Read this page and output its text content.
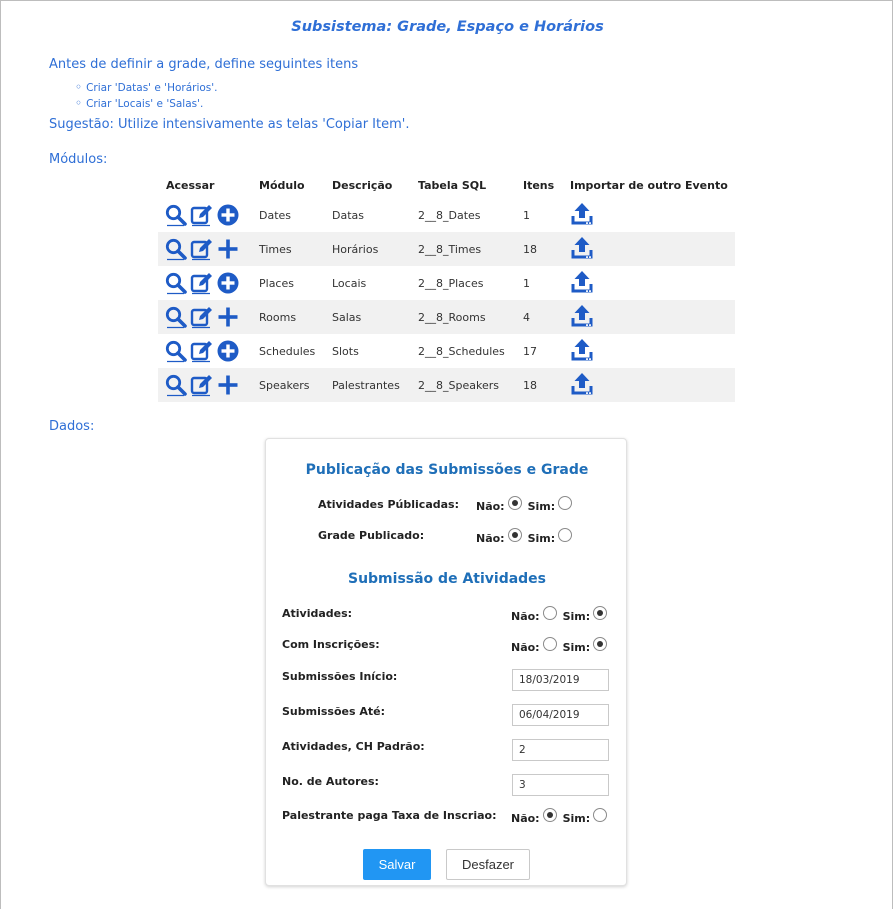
Subsistema: Grade, Espaço e Horários
Antes de definir a grade, define seguintes itens
◦ Criar 'Datas' e 'Horários'.
◦ Criar 'Locais' e 'Salas'.
Sugestão: Utilize intensivamente as telas 'Copiar Item'.
Módulos:
Acessar	Módulo	Descrição	Tabela SQL	Itens	Importar de outro Evento

	Dates	Datas	2__8_Dates	1	

	Times	Horários	2__8_Times	18	

	Places	Locais	2__8_Places	1	

	Rooms	Salas	2__8_Rooms	4	

	Schedules	Slots	2__8_Schedules	17	

	Speakers	Palestrantes	2__8_Speakers	18	
Dados:
Publicação das Submissões e Grade
Atividades Públicadas: Não: Sim:
Grade Publicado:	Não: Sim:
Submissão de Atividades
Atividades:	Não: Sim:
Com Inscrições:	Não: Sim:
Submissões Início:	18/03/2019
Submissões Até:	06/04/2019
Atividades, CH Padrão:	2
No. de Autores:	3
Palestrante paga Taxa de Inscriao: Não: Sim:
Salvar	Desfazer
